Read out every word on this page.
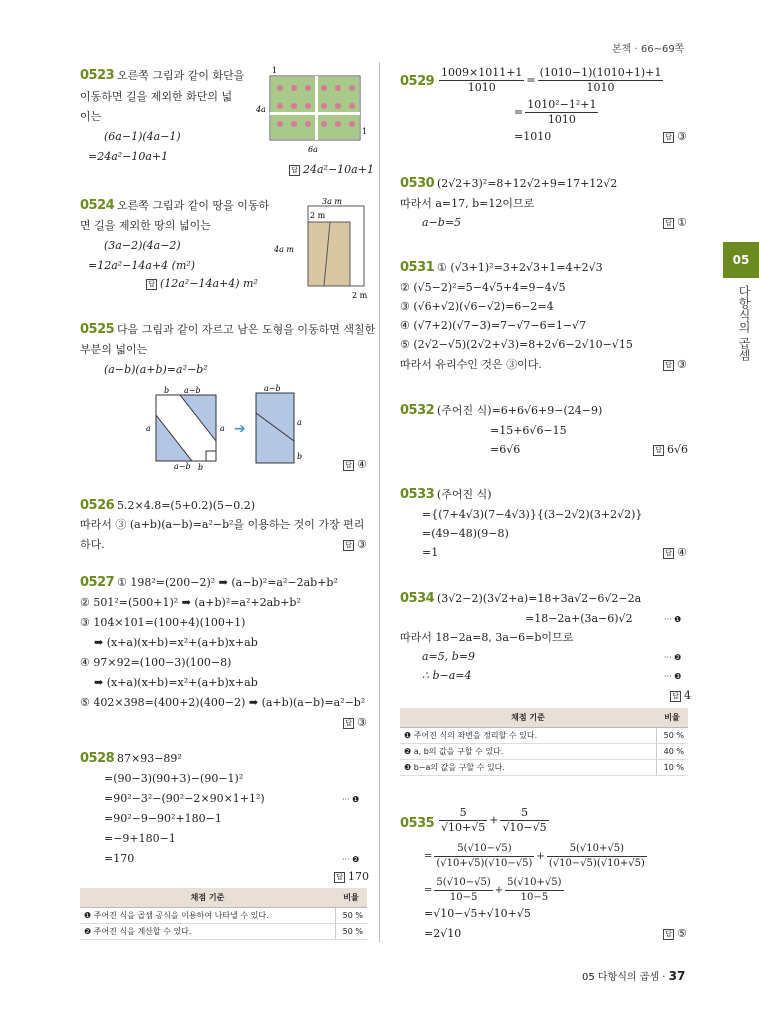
본책 · 66~69쪽
05
다항식의 곱셈
0523 오른쪽 그림과 같이 화단을
이동하면 길을 제외한 화단의 넓
이는
(6a−1)(4a−1)
=24a²−10a+1
답 24a²−10a+1
1
1
4a
6a
0524 오른쪽 그림과 같이 땅을 이동하
면 길을 제외한 땅의 넓이는
(3a−2)(4a−2)
=12a²−14a+4 (m²)
답 (12a²−14a+4) m²
3a m
2 m
4a m
2 m
0525 다음 그림과 같이 자르고 남은 도형을 이동하면 색칠한
부분의 넓이는
(a−b)(a+b)=a²−b²
답 ④
b a−b
a	a
a−b b
➔
a−b
a
b
0526 5.2×4.8=(5+0.2)(5−0.2)
따라서 ③ (a+b)(a−b)=a²−b²을 이용하는 것이 가장 편리
하다.	답 ③
0527 ① 198²=(200−2)² ➡ (a−b)²=a²−2ab+b²
② 501²=(500+1)² ➡ (a+b)²=a²+2ab+b²
③ 104×101=(100+4)(100+1)
➡ (x+a)(x+b)=x²+(a+b)x+ab
④ 97×92=(100−3)(100−8)
➡ (x+a)(x+b)=x²+(a+b)x+ab
⑤ 402×398=(400+2)(400−2) ➡ (a+b)(a−b)=a²−b²
답 ③
0528 87×93−89²
=(90−3)(90+3)−(90−1)²
=90²−3²−(90²−2×90×1+1²)	··· ❶
=90²−9−90²+180−1
=−9+180−1
=170	··· ❷
답 170
채점 기준	비율
❶ 주어진 식을 곱셈 공식을 이용하여 나타낼 수 있다.	50 %
❷ 주어진 식을 계산할 수 있다.	50 %
$0529 \frac{1009\times 1011+1}{1010} = \frac{(1010-1)(1010+1)+1}{1010}$
= $\frac{\text{1010²−1²+1}}{1010}$
=1010	답 ③
0530 (2√2+3)²=8+12√2+9=17+12√2
따라서 a=17, b=12이므로
a−b=5	답 ①
0531 ① (√3+1)²=3+2√3+1=4+2√3
② (√5−2)²=5−4√5+4=9−4√5
③ (√6+√2)(√6−√2)=6−2=4
④ (√7+2)(√7−3)=7−√7−6=1−√7
⑤ (2√2−√5)(2√2+√3)=8+2√6−2√10−√15
따라서 유리수인 것은 ③이다.	답 ③
0532 (주어진 식)=6+6√6+9−(24−9)
=15+6√6−15
=6√6	답 6√6
0533 (주어진 식)
={(7+4√3)(7−4√3)}{(3−2√2)(3+2√2)}
=(49−48)(9−8)
=1	답 ④
0534 (3√2−2)(3√2+a)=18+3a√2−6√2−2a
=18−2a+(3a−6)√2	··· ❶
따라서 18−2a=8, 3a−6=b이므로
a=5, b=9	··· ❷
∴ b−a=4	··· ❸
답 4
채점 기준	비율
❶ 주어진 식의 좌변을 정리할 수 있다.	50 %
❷ a, b의 값을 구할 수 있다.	40 %
❸ b−a의 값을 구할 수 있다.	10 %
$0535 \frac{5}{√10+√5} + \frac{5}{√10-√5}$
= $\frac{5(√10-√5)}{(√10+√5)(√10-√5)} + \frac{5(√10+√5)}{(√10-√5)(√10+√5)}$
= $\frac{5(√10-√5)}{10-5} + \frac{5(√10+√5)}{10-5}$
=√10−√5+√10+√5
=2√10	답 ⑤
05 다항식의 곱셈 · 37
